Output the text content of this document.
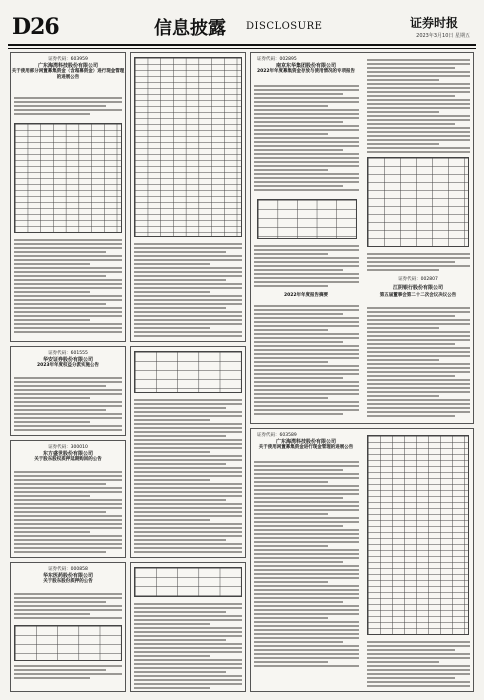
D26	信息披露 DISCLOSURE	证券时报
2023年3月10日 星期五
证券代码：603959
广东海湾科技股份有限公司
关于使用部分闲置募集资金（含超募资金）进行现金管理的进展公告
证券代码：601555
华安证券股份有限公司
2023年年度权益分派实施公告
证券代码：300010
东方盛世股份有限公司
关于股东股权质押延期购回的公告
证券代码：000858
华东医药股份有限公司
关于股东股份质押的公告
证券代码：002895
南京东华集团股份有限公司
2022年年度募集资金存放与使用情况的专项报告
2022年年度报告摘要
证券代码：002807
江阴银行股份有限公司
第五届董事会第二十二次会议决议公告
证券代码：603589
广东海湾科技股份有限公司
关于使用闲置募集资金进行现金管理的进展公告
